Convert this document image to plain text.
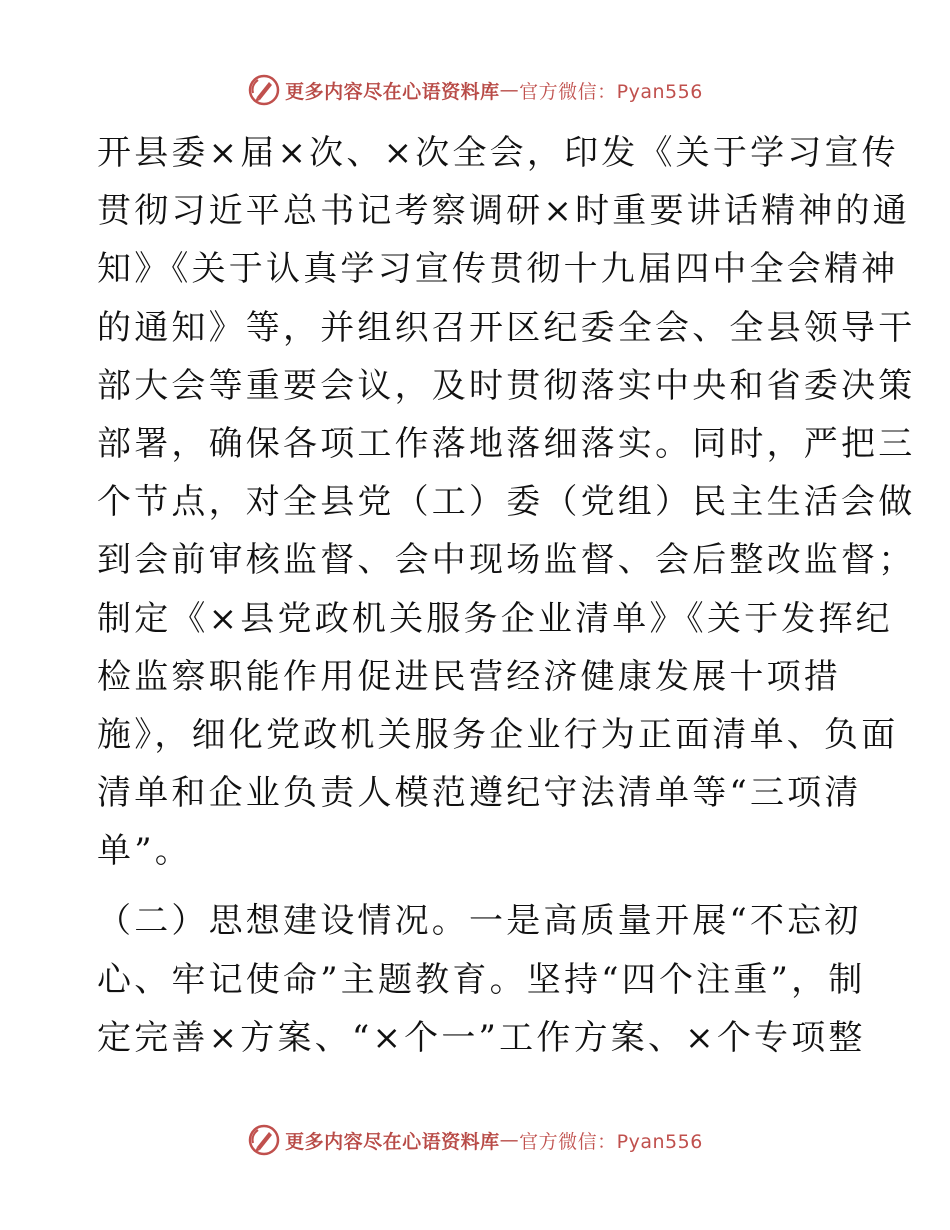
更多内容尽在心语资料库 — 官方微信：Pyan556
开县委×届×次、×次全会，印发《关于学习宣传
贯彻习近平总书记考察调研×时重要讲话精神的通
知》《关于认真学习宣传贯彻十九届四中全会精神
的通知》等，并组织召开区纪委全会、全县领导干
部大会等重要会议，及时贯彻落实中央和省委决策
部署，确保各项工作落地落细落实。同时，严把三
个节点，对全县党（工）委（党组）民主生活会做
到会前审核监督、会中现场监督、会后整改监督；
制定《×县党政机关服务企业清单》《关于发挥纪
检监察职能作用促进民营经济健康发展十项措
施》，细化党政机关服务企业行为正面清单、负面
清单和企业负责人模范遵纪守法清单等“三项清
单”。
（二）思想建设情况。一是高质量开展“不忘初
心、牢记使命”主题教育。坚持“四个注重”，制
定完善×方案、“×个一”工作方案、×个专项整
更多内容尽在心语资料库 — 官方微信：Pyan556
